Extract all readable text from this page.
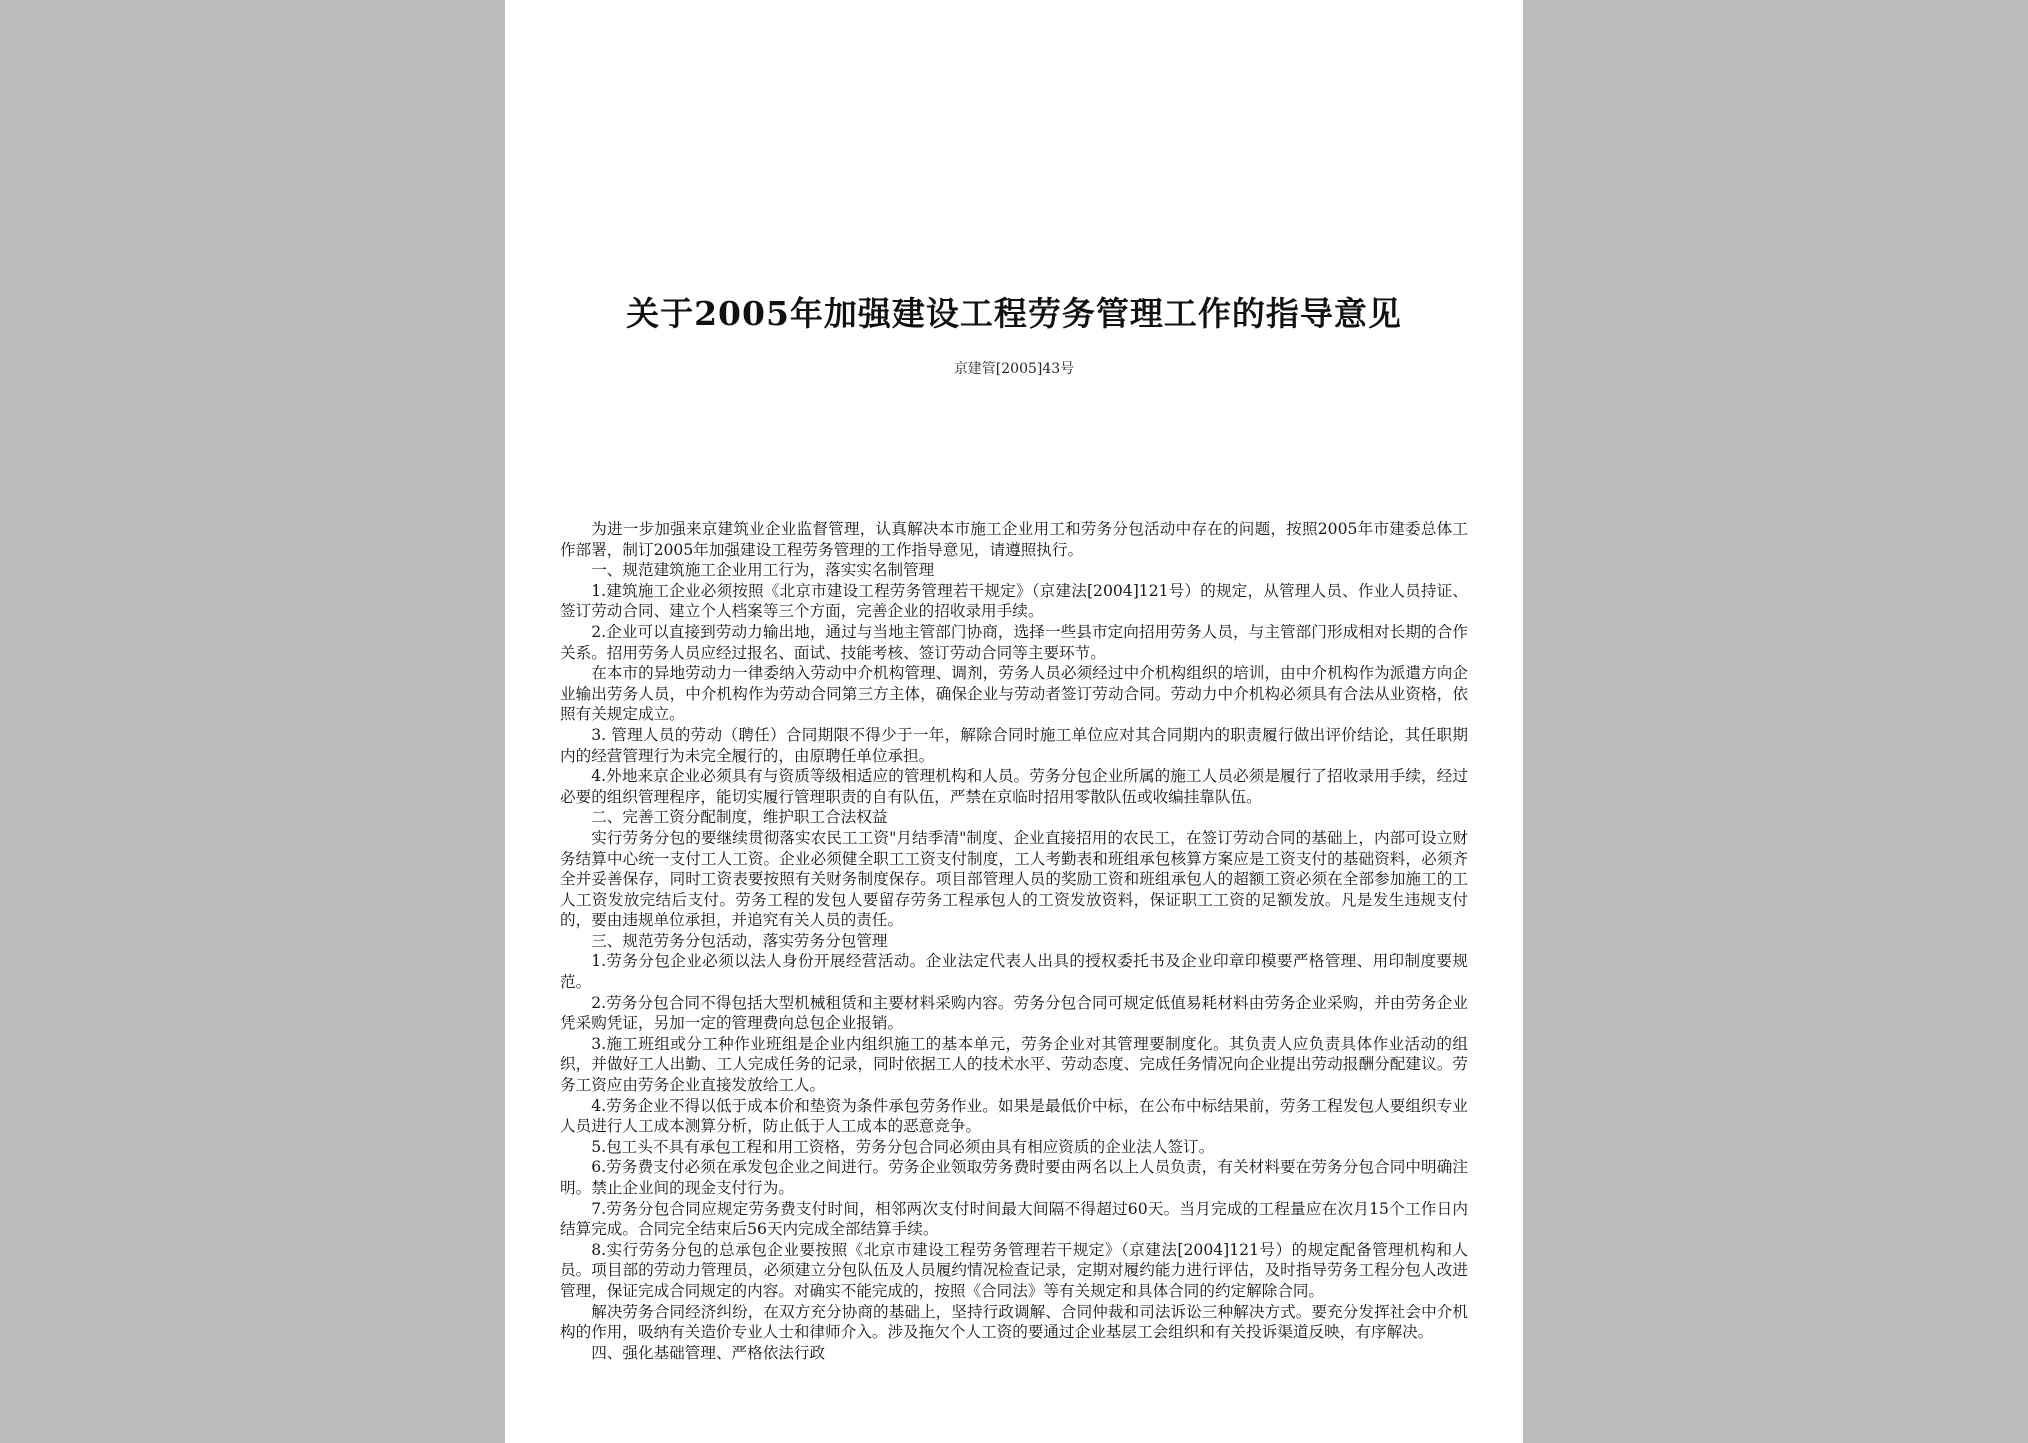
关于2005年加强建设工程劳务管理工作的指导意见
京建管[2005]43号

为进一步加强来京建筑业企业监督管理，认真解决本市施工企业用工和劳务分包活动中存在的问题，按照2005年市建委总体工作部署，制订2005年加强建设工程劳务管理的工作指导意见，请遵照执行。

一、规范建筑施工企业用工行为，落实实名制管理

1.建筑施工企业必须按照《北京市建设工程劳务管理若干规定》（京建法[2004]121号）的规定，从管理人员、作业人员持证、签订劳动合同、建立个人档案等三个方面，完善企业的招收录用手续。

2.企业可以直接到劳动力输出地，通过与当地主管部门协商，选择一些县市定向招用劳务人员，与主管部门形成相对长期的合作关系。招用劳务人员应经过报名、面试、技能考核、签订劳动合同等主要环节。

在本市的异地劳动力一律委纳入劳动中介机构管理、调剂，劳务人员必须经过中介机构组织的培训，由中介机构作为派遣方向企业输出劳务人员，中介机构作为劳动合同第三方主体，确保企业与劳动者签订劳动合同。劳动力中介机构必须具有合法从业资格，依照有关规定成立。

3. 管理人员的劳动（聘任）合同期限不得少于一年，解除合同时施工单位应对其合同期内的职责履行做出评价结论，其任职期内的经营管理行为未完全履行的，由原聘任单位承担。

4.外地来京企业必须具有与资质等级相适应的管理机构和人员。劳务分包企业所属的施工人员必须是履行了招收录用手续，经过必要的组织管理程序，能切实履行管理职责的自有队伍，严禁在京临时招用零散队伍或收编挂靠队伍。

二、完善工资分配制度，维护职工合法权益

实行劳务分包的要继续贯彻落实农民工工资"月结季清"制度、企业直接招用的农民工，在签订劳动合同的基础上，内部可设立财务结算中心统一支付工人工资。企业必须健全职工工资支付制度，工人考勤表和班组承包核算方案应是工资支付的基础资料，必须齐全并妥善保存，同时工资表要按照有关财务制度保存。项目部管理人员的奖励工资和班组承包人的超额工资必须在全部参加施工的工人工资发放完结后支付。劳务工程的发包人要留存劳务工程承包人的工资发放资料，保证职工工资的足额发放。凡是发生违规支付的，要由违规单位承担，并追究有关人员的责任。

三、规范劳务分包活动，落实劳务分包管理

1.劳务分包企业必须以法人身份开展经营活动。企业法定代表人出具的授权委托书及企业印章印模要严格管理、用印制度要规范。

2.劳务分包合同不得包括大型机械租赁和主要材料采购内容。劳务分包合同可规定低值易耗材料由劳务企业采购，并由劳务企业凭采购凭证，另加一定的管理费向总包企业报销。

3.施工班组或分工种作业班组是企业内组织施工的基本单元，劳务企业对其管理要制度化。其负责人应负责具体作业活动的组织，并做好工人出勤、工人完成任务的记录，同时依据工人的技术水平、劳动态度、完成任务情况向企业提出劳动报酬分配建议。劳务工资应由劳务企业直接发放给工人。

4.劳务企业不得以低于成本价和垫资为条件承包劳务作业。如果是最低价中标，在公布中标结果前，劳务工程发包人要组织专业人员进行人工成本测算分析，防止低于人工成本的恶意竞争。

5.包工头不具有承包工程和用工资格，劳务分包合同必须由具有相应资质的企业法人签订。

6.劳务费支付必须在承发包企业之间进行。劳务企业领取劳务费时要由两名以上人员负责，有关材料要在劳务分包合同中明确注明。禁止企业间的现金支付行为。

7.劳务分包合同应规定劳务费支付时间，相邻两次支付时间最大间隔不得超过60天。当月完成的工程量应在次月15个工作日内结算完成。合同完全结束后56天内完成全部结算手续。

8.实行劳务分包的总承包企业要按照《北京市建设工程劳务管理若干规定》（京建法[2004]121号）的规定配备管理机构和人员。项目部的劳动力管理员，必须建立分包队伍及人员履约情况检查记录，定期对履约能力进行评估，及时指导劳务工程分包人改进管理，保证完成合同规定的内容。对确实不能完成的，按照《合同法》等有关规定和具体合同的约定解除合同。

解决劳务合同经济纠纷，在双方充分协商的基础上，坚持行政调解、合同仲裁和司法诉讼三种解决方式。要充分发挥社会中介机构的作用，吸纳有关造价专业人士和律师介入。涉及拖欠个人工资的要通过企业基层工会组织和有关投诉渠道反映，有序解决。

四、强化基础管理、严格依法行政
